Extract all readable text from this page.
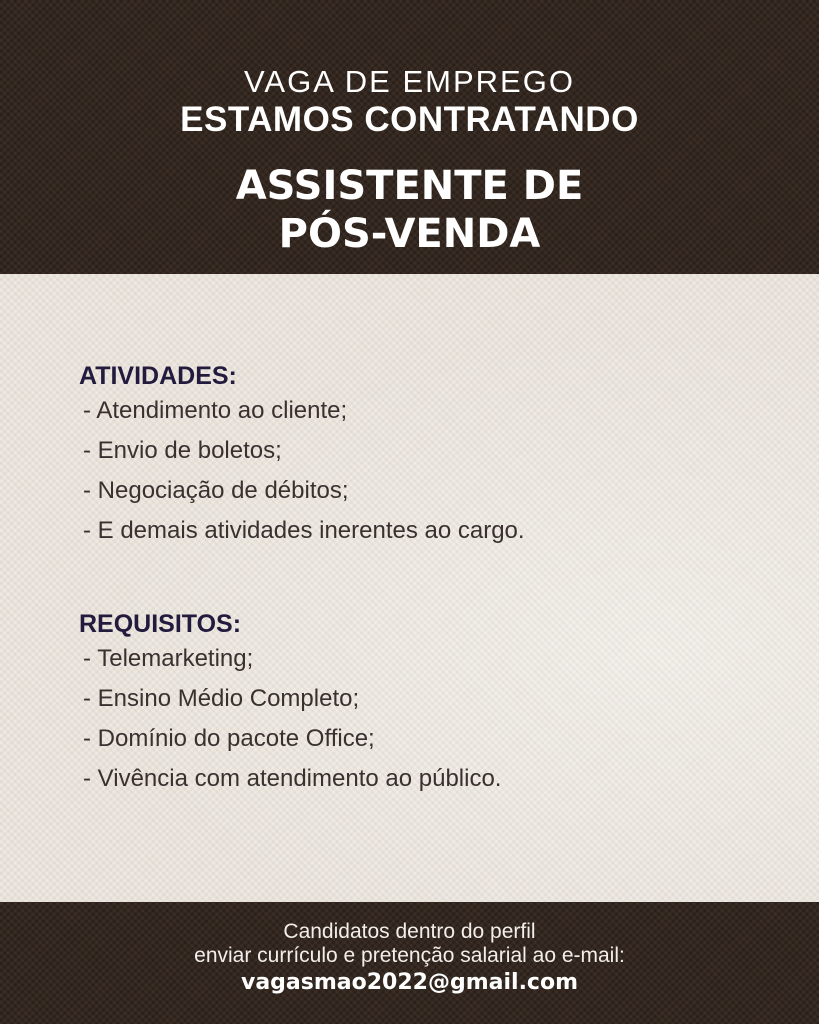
VAGA DE EMPREGO
ESTAMOS CONTRATANDO
ASSISTENTE DE
PÓS-VENDA
ATIVIDADES:
- Atendimento ao cliente;
- Envio de boletos;
- Negociação de débitos;
- E demais atividades inerentes ao cargo.
REQUISITOS:
- Telemarketing;
- Ensino Médio Completo;
- Domínio do pacote Office;
- Vivência com atendimento ao público.
Candidatos dentro do perfil
enviar currículo e pretenção salarial ao e-mail:
vagasmao2022@gmail.com
